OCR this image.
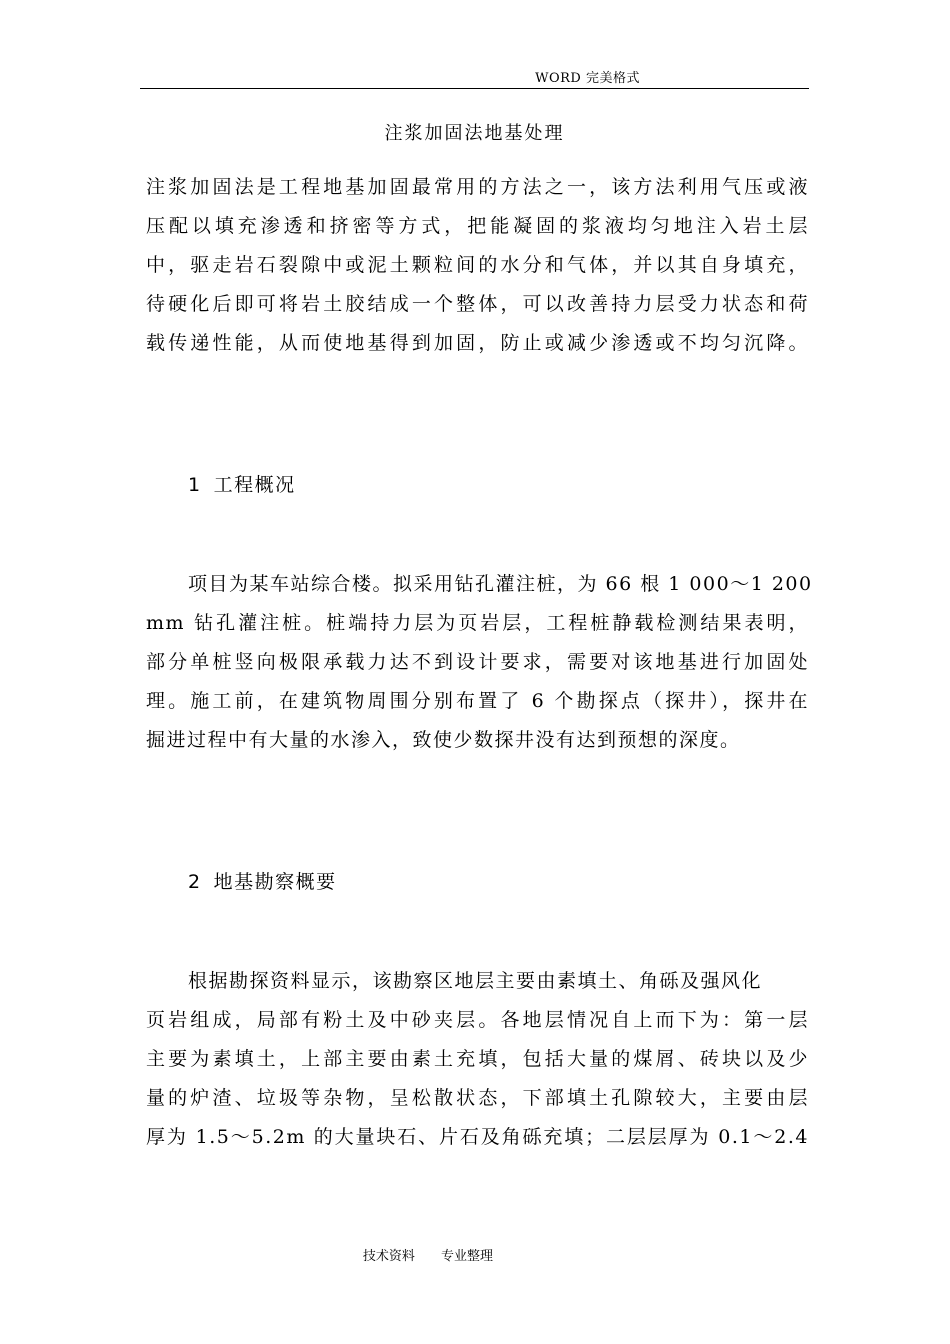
WORD 完美格式
注浆加固法地基处理
注浆加固法是工程地基加固最常用的方法之一，该方法利用气压或液
压配以填充渗透和挤密等方式，把能凝固的浆液均匀地注入岩土层
中，驱走岩石裂隙中或泥土颗粒间的水分和气体，并以其自身填充，
待硬化后即可将岩土胶结成一个整体，可以改善持力层受力状态和荷
载传递性能，从而使地基得到加固，防止或减少渗透或不均匀沉降。
1 工程概况
项目为某车站综合楼。拟采用钻孔灌注桩，为 66 根 1 000～1 200
mm 钻孔灌注桩。桩端持力层为页岩层，工程桩静载检测结果表明，
部分单桩竖向极限承载力达不到设计要求，需要对该地基进行加固处
理。施工前，在建筑物周围分别布置了 6 个勘探点（探井），探井在
掘进过程中有大量的水渗入，致使少数探井没有达到预想的深度。
2 地基勘察概要
根据勘探资料显示，该勘察区地层主要由素填土、角砾及强风化
页岩组成，局部有粉土及中砂夹层。各地层情况自上而下为：第一层
主要为素填土，上部主要由素土充填，包括大量的煤屑、砖块以及少
量的炉渣、垃圾等杂物，呈松散状态，下部填土孔隙较大，主要由层
厚为 1.5～5.2m 的大量块石、片石及角砾充填；二层层厚为 0.1～2.4
技术资料 专业整理
